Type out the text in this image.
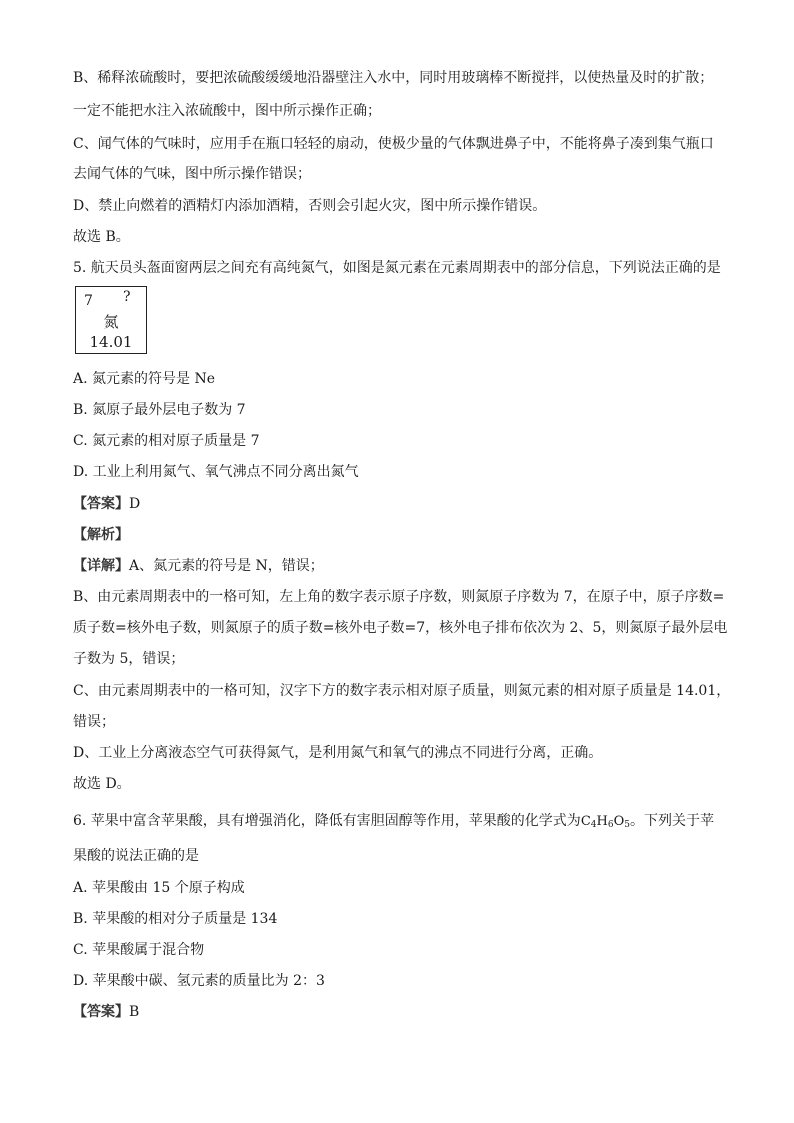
B、稀释浓硫酸时，要把浓硫酸缓缓地沿器壁注入水中，同时用玻璃棒不断搅拌，以使热量及时的扩散；
一定不能把水注入浓硫酸中，图中所示操作正确；
C、闻气体的气味时，应用手在瓶口轻轻的扇动，使极少量的气体飘进鼻子中，不能将鼻子凑到集气瓶口
去闻气体的气味，图中所示操作错误；
D、禁止向燃着的酒精灯内添加酒精，否则会引起火灾，图中所示操作错误。
故选 B。
5. 航天员头盔面窗两层之间充有高纯氮气，如图是氮元素在元素周期表中的部分信息，下列说法正确的是
7 ?
氮
14.01
A. 氮元素的符号是 Ne
B. 氮原子最外层电子数为 7
C. 氮元素的相对原子质量是 7
D. 工业上利用氮气、氧气沸点不同分离出氮气
【答案】D
【解析】
【详解】A、氮元素的符号是 N，错误；
B、由元素周期表中的一格可知，左上角的数字表示原子序数，则氮原子序数为 7，在原子中，原子序数=
质子数=核外电子数，则氮原子的质子数=核外电子数=7，核外电子排布依次为 2、5，则氮原子最外层电
子数为 5，错误；
C、由元素周期表中的一格可知，汉字下方的数字表示相对原子质量，则氮元素的相对原子质量是 14.01，
错误；
D、工业上分离液态空气可获得氮气，是利用氮气和氧气的沸点不同进行分离，正确。
故选 D。
6. 苹果中富含苹果酸，具有增强消化，降低有害胆固醇等作用，苹果酸的化学式为$C_4H_6O_5$。下列关于苹
果酸的说法正确的是
A. 苹果酸由 15 个原子构成
B. 苹果酸的相对分子质量是 134
C. 苹果酸属于混合物
D. 苹果酸中碳、氢元素的质量比为 2：3
【答案】B
